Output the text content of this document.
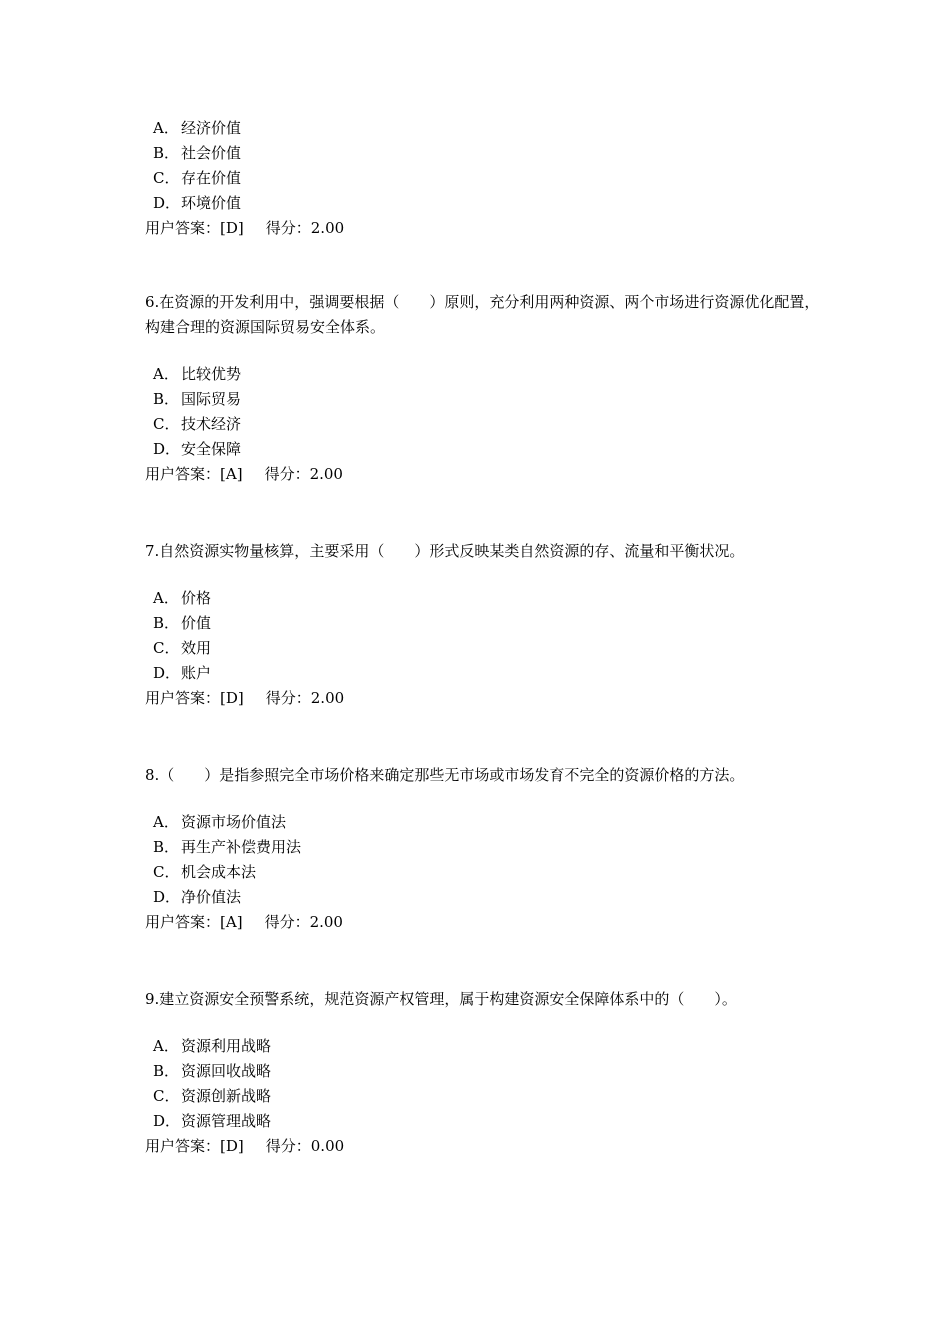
A． 经济价值
B． 社会价值
C． 存在价值
D．环境价值
用户答案：[D] 得分：2.00

6.在资源的开发利用中，强调要根据（　　）原则，充分利用两种资源、两个市场进行资源优化配置，构建合理的资源国际贸易安全体系。

A． 比较优势
B． 国际贸易
C． 技术经济
D．安全保障
用户答案：[A] 得分：2.00

7.自然资源实物量核算，主要采用（　　）形式反映某类自然资源的存、流量和平衡状况。

A． 价格
B． 价值
C． 效用
D．账户
用户答案：[D] 得分：2.00

8.（　　）是指参照完全市场价格来确定那些无市场或市场发育不完全的资源价格的方法。

A． 资源市场价值法
B． 再生产补偿费用法
C． 机会成本法
D．净价值法
用户答案：[A] 得分：2.00

9.建立资源安全预警系统，规范资源产权管理，属于构建资源安全保障体系中的（　　）。

A． 资源利用战略
B． 资源回收战略
C． 资源创新战略
D．资源管理战略
用户答案：[D] 得分：0.00
